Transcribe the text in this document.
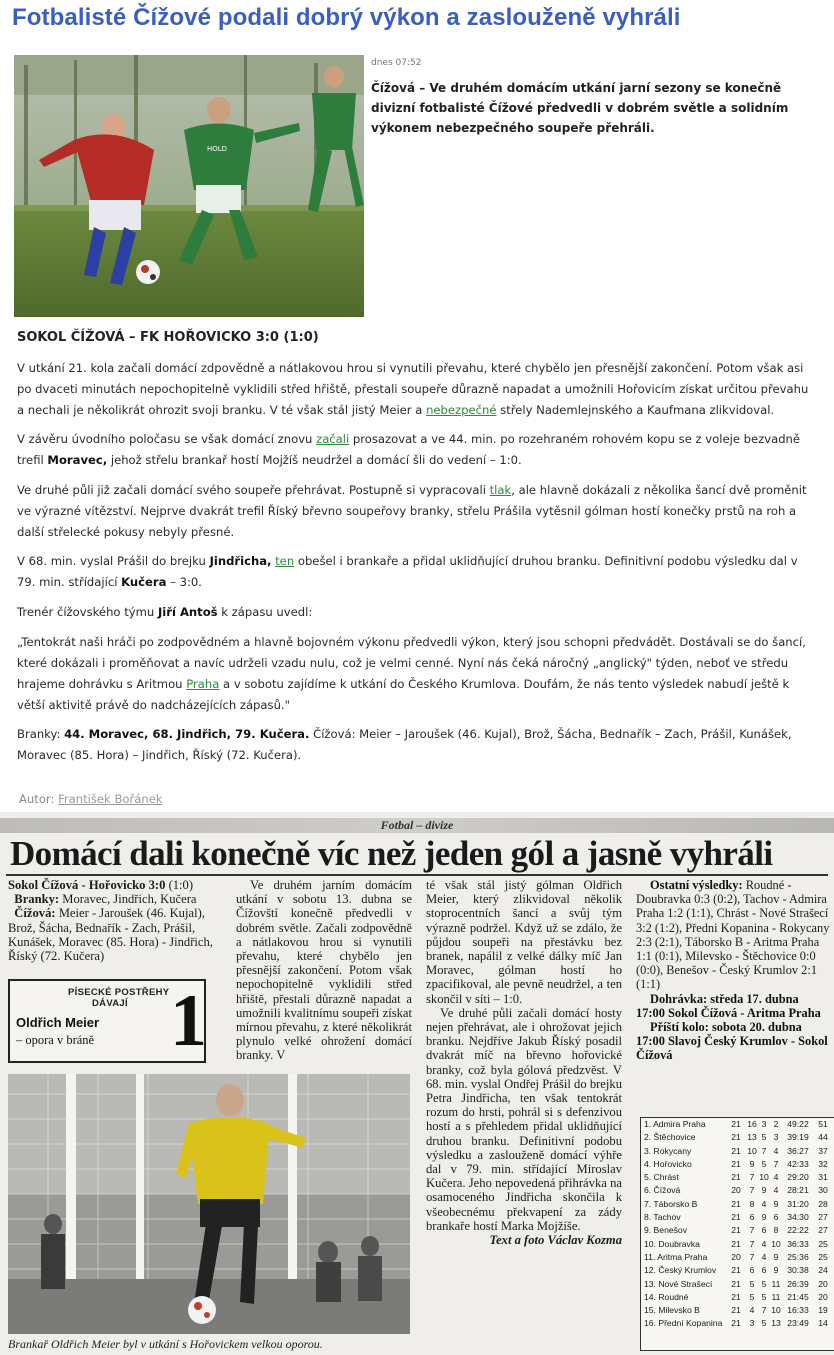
Fotbalisté Čížové podali dobrý výkon a zaslouženě vyhráli
HOLD
dnes 07:52

Čížová – Ve druhém domácím utkání jarní sezony se konečně divizní fotbalisté Čížové předvedli v dobrém světle a solidním výkonem nebezpečného soupeře přehráli.

SOKOL ČÍŽOVÁ – FK HOŘOVICKO 3:0 (1:0)

V utkání 21. kola začali domácí zdpovědně a nátlakovou hrou si vynutili převahu, které chybělo jen přesnější zakončení. Potom však asi po dvaceti minutách nepochopitelně vyklidili střed hřiště, přestali soupeře důrazně napadat a umožnili Hořovicím získat určitou převahu a nechali je několikrát ohrozit svoji branku. V té však stál jistý Meier a nebezpečné střely Nademlejnského a Kaufmana zlikvidoval.

V závěru úvodního poločasu se však domácí znovu začali prosazovat a ve 44. min. po rozehraném rohovém kopu se z voleje bezvadně trefil Moravec, jehož střelu brankař hostí Mojžíš neudržel a domácí šli do vedení – 1:0.

Ve druhé půli již začali domácí svého soupeře přehrávat. Postupně si vypracovali tlak, ale hlavně dokázali z několika šancí dvě proměnit ve výrazné vítězství. Nejprve dvakrát trefil Říský břevno soupeřovy branky, střelu Prášila vytěsnil gólman hostí konečky prstů na roh a další střelecké pokusy nebyly přesné.

V 68. min. vyslal Prášil do brejku Jindřicha, ten obešel i brankaře a přidal uklidňující druhou branku. Definitivní podobu výsledku dal v 79. min. střídající Kučera – 3:0.

Trenér čížovského týmu Jiří Antoš k zápasu uvedl:

„Tentokrát naši hráči po zodpovědném a hlavně bojovném výkonu předvedli výkon, který jsou schopni předvádět. Dostávali se do šancí, které dokázali i proměňovat a navíc udrželi vzadu nulu, což je velmi cenné. Nyní nás čeká náročný „anglický" týden, neboť ve středu hrajeme dohrávku s Aritmou Praha a v sobotu zajídíme k utkání do Českého Krumlova. Doufám, že nás tento výsledek nabudí ještě k větší aktivitě právě do nadcházejících zápasů."

Branky: 44. Moravec, 68. Jindřich, 79. Kučera. Čížová: Meier – Jaroušek (46. Kujal), Brož, Šácha, Bednařík – Zach, Prášil, Kunášek, Moravec (85. Hora) – Jindřich, Říský (72. Kučera).

Autor: František Bořánek
Fotbal – divize
Domácí dali konečně víc než jeden gól a jasně vyhráli

Sokol Čížová - Hořovicko 3:0 (1:0)

Branky: Moravec, Jindřich, Kučera

Čížová: Meier - Jaroušek (46. Kujal), Brož, Šácha, Bednařík - Zach, Prášil, Kunášek, Moravec (85. Hora) - Jindřich, Říský (72. Kučera)

PÍSECKÉ POSTŘEHY
DÁVAJÍ
Oldřich Meier
– opora v bráně 1
Brankař Oldřich Meier byl v utkání s Hořovickem velkou oporou.

Ve druhém jarním domácím utkání v sobotu 13. dubna se Čížovští konečně předvedli v dobrém světle. Začali zodpovědně a nátlakovou hrou si vynutili převahu, které chybělo jen přesnější zakončení. Potom však nepochopitelně vyklidili střed hřiště, přestali důrazně napadat a umožnili kvalitnímu soupeři získat mírnou převahu, z které několikrát plynulo velké ohrožení domácí branky. V

té však stál jistý gólman Oldřich Meier, který zlikvidoval několik stoprocentních šancí a svůj tým výrazně podržel. Když už se zdálo, že půjdou soupeři na přestávku bez branek, napálil z velké dálky míč Jan Moravec, gólman hostí ho zpacifikoval, ale pevně neudržel, a ten skončil v síti – 1:0.

Ve druhé půli začali domácí hosty nejen přehrávat, ale i ohrožovat jejich branku. Nejdříve Jakub Říský posadil dvakrát míč na břevno hořovické branky, což byla gólová předzvěst. V 68. min. vyslal Ondřej Prášil do brejku Petra Jindřicha, ten však tentokrát rozum do hrsti, pohrál si s defenzivou hostí a s přehledem přidal uklidňující druhou branku. Definitivní podobu výsledku a zaslouženě domácí výhře dal v 79. min. střídající Miroslav Kučera. Jeho nepovedená přihrávka na osamoceného Jindřicha skončila k všeobecnému překvapení za zády brankaře hostí Marka Mojžíše.

Text a foto Václav Kozma

Ostatní výsledky: Roudné - Doubravka 0:3 (0:2), Tachov - Admira Praha 1:2 (1:1), Chrást - Nové Strašecí 3:2 (1:2), Předni Kopanina - Rokycany 2:3 (2:1), Táborsko B - Aritma Praha 1:1 (0:1), Milevsko - Štěchovice 0:0 (0:0), Benešov - Český Krumlov 2:1 (1:1)

Dohrávka: středa 17. dubna

17:00 Sokol Čížová - Aritma Praha

Příští kolo: sobota 20. dubna

17:00 Slavoj Český Krumlov - Sokol Čížová

1. Admira Praha	21 16 3 2	49:22	51
2. Štěchovice	21 13 5 3	39:19	44
3. Rokycany	21 10 7 4	36:27	37
4. Hořovicko	21	9 5 7	42:33	32
5. Chrást	21	7 10 4	29:20	31
6. Čížová	20	7 9 4	28:21	30
7. Táborsko B	21	8 4 9	31:20	28
8. Tachov	21	6 9 6	34:30	27
9. Benešov	21	7 6 8	22:22	27
10. Doubravka	21	7 4 10 36:33	25
11. Aritma Praha	20	7 4 9	25:36	25
12. Český Krumlov	21	6 6 9	30:38	24
13. Nové Strašecí	21	5 5 11 26:39	20
14. Roudné	21	5 5 11 21:45	20
15. Milevsko B	21	4 7 10 16:33	19
16. Přední Kopanina	21	3 5 13 23:49	14
